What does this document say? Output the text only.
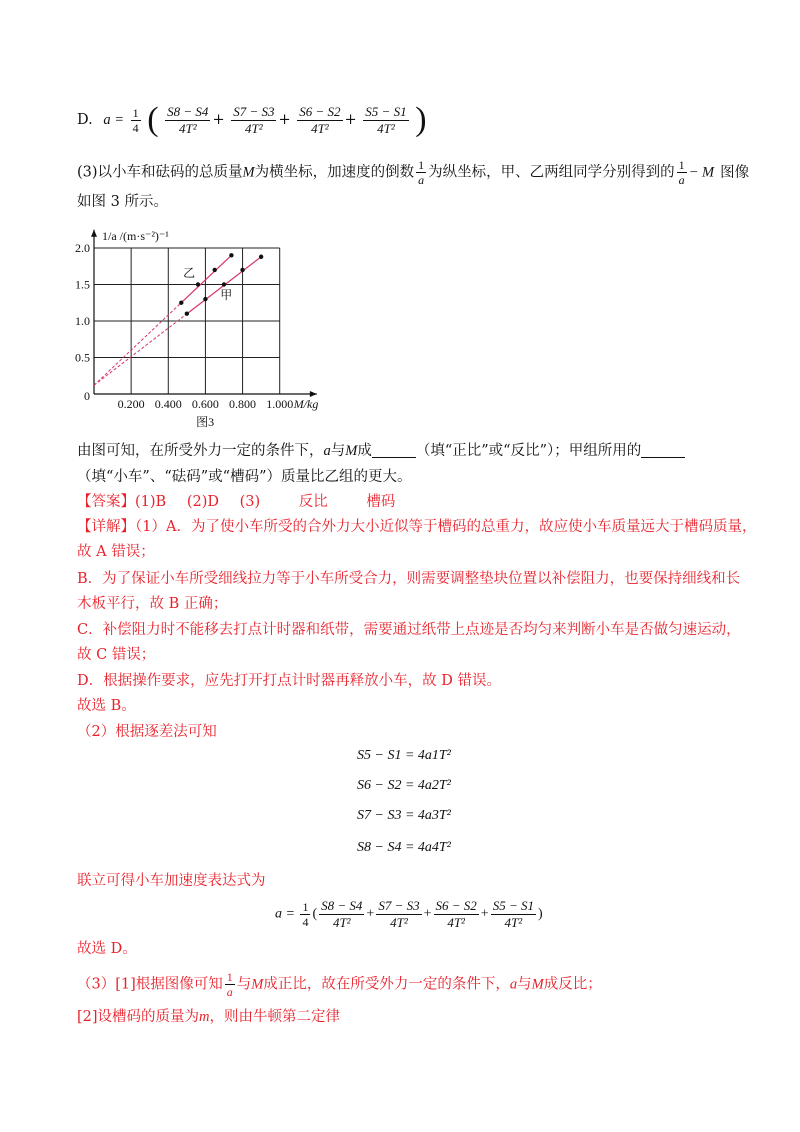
D. $a = \frac{1}{4}$ ( $\frac{S8 - S4}{\text{4T²}} + \frac{S7 - S3}{\text{4T²}} + \frac{S6 - S2}{\text{4T²}} + \frac{S5 - S1}{\text{4T²}}$ )
(3)以小车和砝码的总质量M为横坐标，加速度的倒数 $\frac{1}{a}$ 为纵坐标，甲、乙两组同学分别得到的 $\frac{1}{a} - M$ 图像
如图 3 所示。
0.200 0.400 0.600 0.800 1.000
0
0.5
1.0
1.5
2.0
M/kg
1/a /(m·s⁻²)⁻¹
乙
甲
图3
由图可知，在所受外力一定的条件下，a与M成	（填“正比”或“反比”）；甲组所用的
（填“小车”、“砝码”或“槽码”）质量比乙组的更大。
【答案】(1)B (2)D (3)	反比	槽码
【详解】（1）A．为了使小车所受的合外力大小近似等于槽码的总重力，故应使小车质量远大于槽码质量，
故 A 错误；
B．为了保证小车所受细线拉力等于小车所受合力，则需要调整垫块位置以补偿阻力，也要保持细线和长
木板平行，故 B 正确；
C．补偿阻力时不能移去打点计时器和纸带，需要通过纸带上点迹是否均匀来判断小车是否做匀速运动，
故 C 错误；
D．根据操作要求，应先打开打点计时器再释放小车，故 D 错误。
故选 B。
（2）根据逐差法可知
S5 − S1 = 4a1T²
S6 − S2 = 4a2T²
S7 − S3 = 4a3T²
S8 − S4 = 4a4T²
联立可得小车加速度表达式为
$a = \frac{1}{4}$ ( $\frac{S8 - S4}{\text{4T²}} + \frac{S7 - S3}{\text{4T²}} + \frac{S6 - S2}{\text{4T²}} + \frac{S5 - S1}{\text{4T²}}$ )
故选 D。
（3）[1]根据图像可知 $\frac{1}{a}$ 与M成正比，故在所受外力一定的条件下，a与M成反比；
[2]设槽码的质量为m，则由牛顿第二定律
